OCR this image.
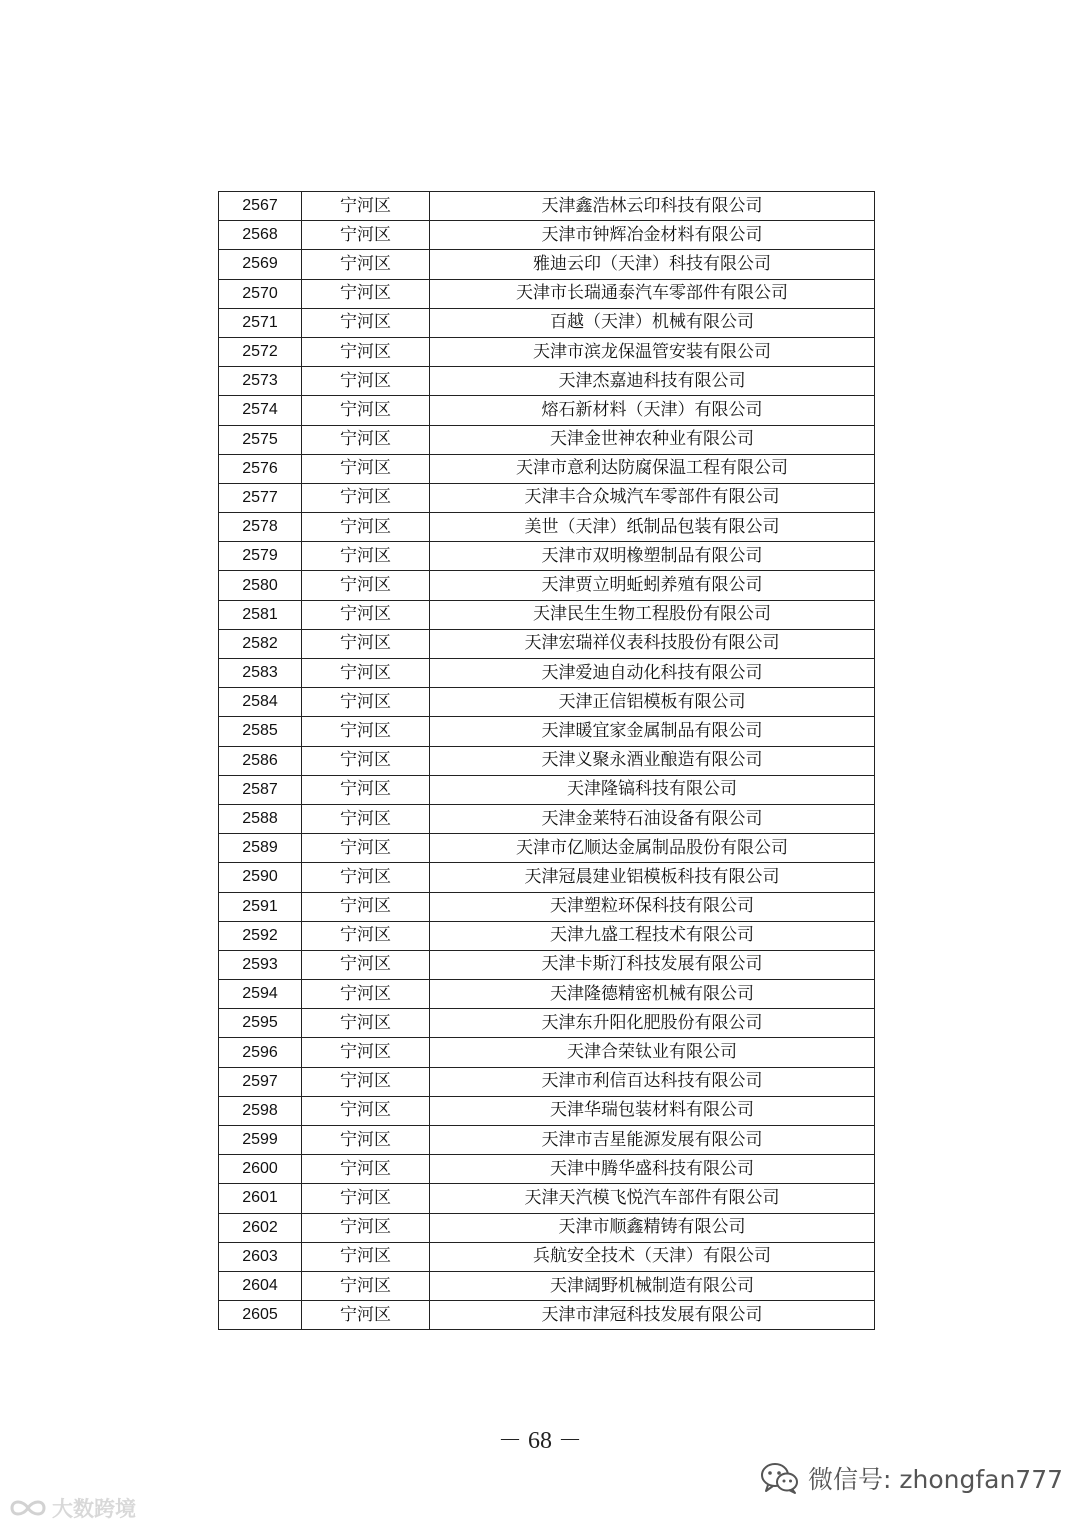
2567	宁河区	天津鑫浩林云印科技有限公司
2568	宁河区	天津市钟辉冶金材料有限公司
2569	宁河区	雅迪云印（天津）科技有限公司
2570	宁河区	天津市长瑞通泰汽车零部件有限公司
2571	宁河区	百越（天津）机械有限公司
2572	宁河区	天津市滨龙保温管安装有限公司
2573	宁河区	天津杰嘉迪科技有限公司
2574	宁河区	熔石新材料（天津）有限公司
2575	宁河区	天津金世神农种业有限公司
2576	宁河区	天津市意利达防腐保温工程有限公司
2577	宁河区	天津丰合众城汽车零部件有限公司
2578	宁河区	美世（天津）纸制品包装有限公司
2579	宁河区	天津市双明橡塑制品有限公司
2580	宁河区	天津贾立明蚯蚓养殖有限公司
2581	宁河区	天津民生生物工程股份有限公司
2582	宁河区	天津宏瑞祥仪表科技股份有限公司
2583	宁河区	天津爱迪自动化科技有限公司
2584	宁河区	天津正信铝模板有限公司
2585	宁河区	天津暖宜家金属制品有限公司
2586	宁河区	天津义聚永酒业酿造有限公司
2587	宁河区	天津隆镐科技有限公司
2588	宁河区	天津金莱特石油设备有限公司
2589	宁河区	天津市亿顺达金属制品股份有限公司
2590	宁河区	天津冠晨建业铝模板科技有限公司
2591	宁河区	天津塑粒环保科技有限公司
2592	宁河区	天津九盛工程技术有限公司
2593	宁河区	天津卡斯汀科技发展有限公司
2594	宁河区	天津隆德精密机械有限公司
2595	宁河区	天津东升阳化肥股份有限公司
2596	宁河区	天津合荣钛业有限公司
2597	宁河区	天津市利信百达科技有限公司
2598	宁河区	天津华瑞包装材料有限公司
2599	宁河区	天津市吉星能源发展有限公司
2600	宁河区	天津中腾华盛科技有限公司
2601	宁河区	天津天汽模飞悦汽车部件有限公司
2602	宁河区	天津市顺鑫精铸有限公司
2603	宁河区	兵航安全技术（天津）有限公司
2604	宁河区	天津阔野机械制造有限公司
2605	宁河区	天津市津冠科技发展有限公司
－ 68 －
微信号: zhongfan777
大数跨境
